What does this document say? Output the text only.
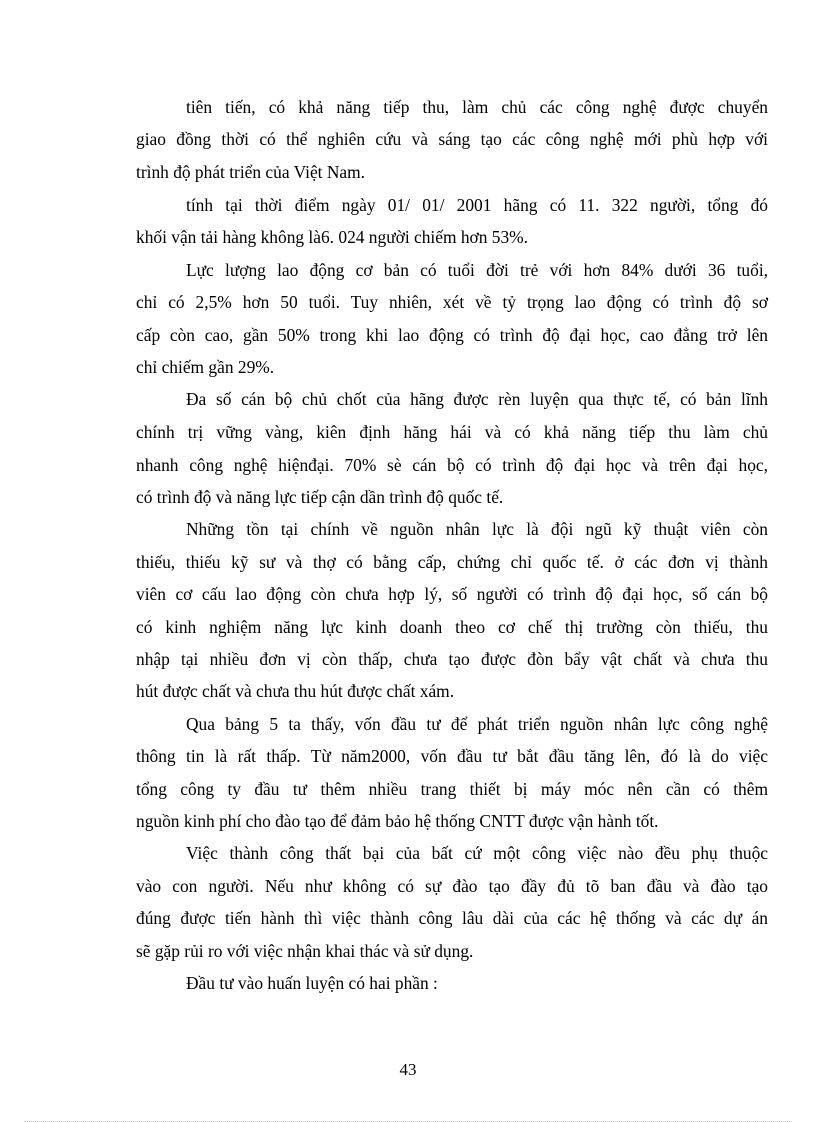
tiên tiến, có khả năng tiếp thu, làm chủ các công nghệ được chuyển
giao đồng thời có thể nghiên cứu và sáng tạo các công nghệ mới phù hợp với
trình độ phát triển của Việt Nam.
tính tại thời điểm ngày 01/ 01/ 2001 hãng có 11. 322 người, tổng đó
khối vận tải hàng không là6. 024 người chiếm hơn 53%.
Lực lượng lao động cơ bản có tuổi đời trẻ với hơn 84% dưới 36 tuổi,
chỉ có 2,5% hơn 50 tuổi. Tuy nhiên, xét về tỷ trọng lao động có trình độ sơ
cấp còn cao, gần 50% trong khi lao động có trình độ đại học, cao đẳng trở lên
chỉ chiếm gần 29%.
Đa số cán bộ chủ chốt của hãng được rèn luyện qua thực tế, có bản lĩnh
chính trị vững vàng, kiên định hăng hái và có khả năng tiếp thu làm chủ
nhanh công nghệ hiệnđại. 70% sè cán bộ có trình độ đại học và trên đại học,
có trình độ và năng lực tiếp cận dần trình độ quốc tế.
Những tồn tại chính về nguồn nhân lực là đội ngũ kỹ thuật viên còn
thiếu, thiếu kỹ sư và thợ có bằng cấp, chứng chỉ quốc tế. ở các đơn vị thành
viên cơ cấu lao động còn chưa hợp lý, số người có trình độ đại học, số cán bộ
có kinh nghiệm năng lực kinh doanh theo cơ chế thị trường còn thiếu, thu
nhập tại nhiều đơn vị còn thấp, chưa tạo được đòn bẩy vật chất và chưa thu
hút được chất và chưa thu hút được chất xám.
Qua bảng 5 ta thấy, vốn đầu tư để phát triển nguồn nhân lực công nghệ
thông tin là rất thấp. Từ năm2000, vốn đầu tư bắt đầu tăng lên, đó là do việc
tổng công ty đầu tư thêm nhiều trang thiết bị máy móc nên cần có thêm
nguồn kinh phí cho đào tạo để đảm bảo hệ thống CNTT được vận hành tốt.
Việc thành công thất bại của bất cứ một công việc nào đều phụ thuộc
vào con người. Nếu như không có sự đào tạo đầy đủ tõ ban đầu và đào tạo
đúng được tiến hành thì việc thành công lâu dài của các hệ thống và các dự án
sẽ gặp rủi ro với việc nhận khai thác và sử dụng.
Đầu tư vào huấn luyện có hai phần :
43
